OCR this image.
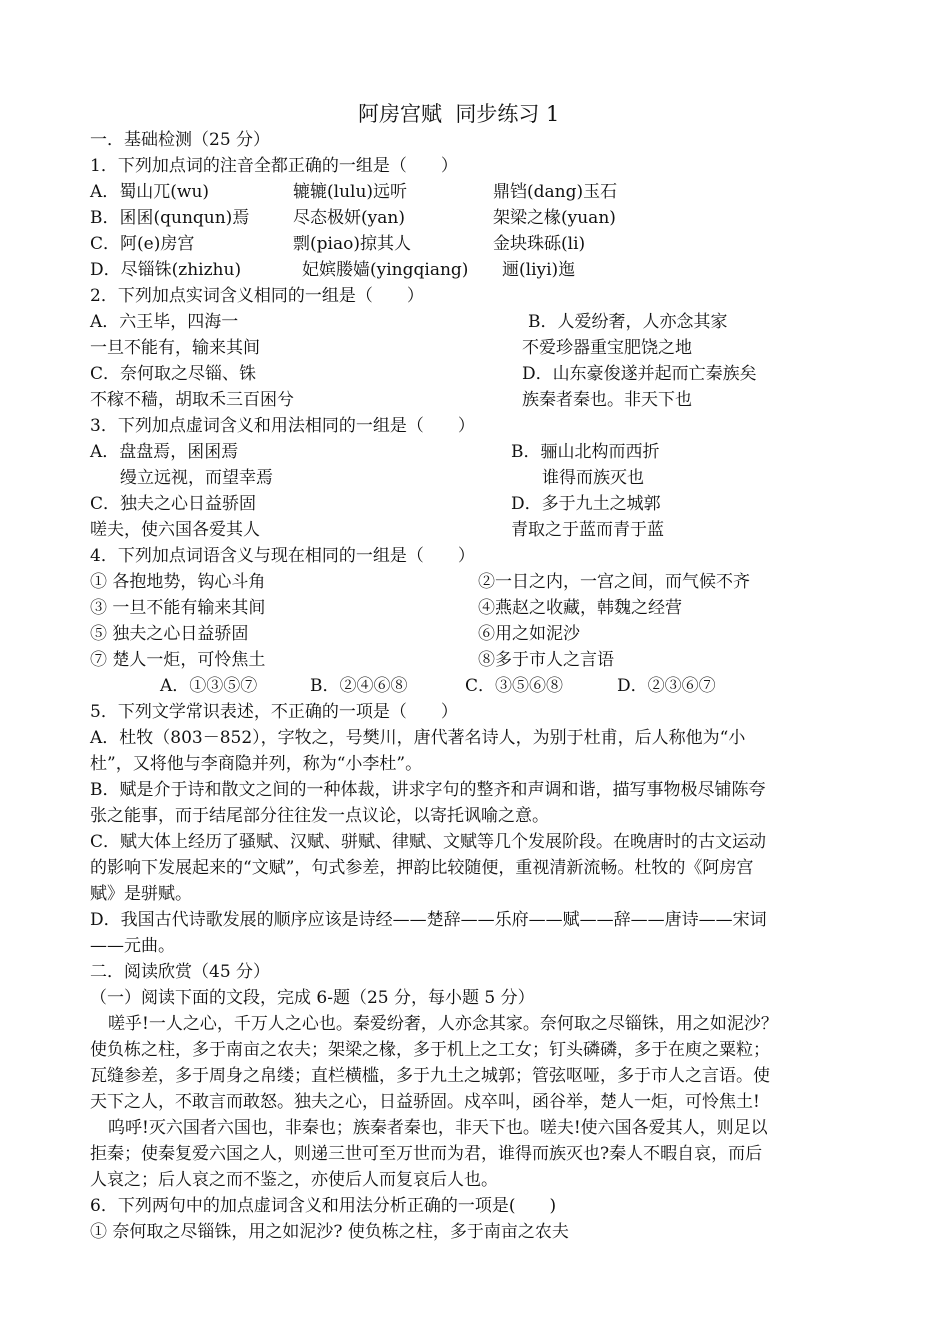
阿房宫赋  同步练习 1
一．基础检测（25 分）
1．下列加点词的注音全都正确的一组是（　　）
A．蜀山兀(wu)	辘辘(lulu)远听	鼎铛(dang)玉石
B．囷囷(qunqun)焉	尽态极妍(yan)	架梁之椽(yuan)
C．阿(e)房宫	剽(piao)掠其人	金块珠砾(li)
D．尽锱铢(zhizhu)	妃嫔媵嫱(yingqiang) 逦(liyi)迤
2．下列加点实词含义相同的一组是（　　）
A．六王毕，四海一	B．人爱纷奢，人亦念其家
一旦不能有，输来其间	不爱珍器重宝肥饶之地
C．奈何取之尽锱、铢	D．山东豪俊遂并起而亡秦族矣
不稼不穑，胡取禾三百困兮	族秦者秦也。非天下也
3．下列加点虚词含义和用法相同的一组是（　　）
A．盘盘焉，囷囷焉	B．骊山北构而西折
缦立远视，而望幸焉	谁得而族灭也
C．独夫之心日益骄固	D．多于九土之城郭
嗟夫，使六国各爱其人	青取之于蓝而青于蓝
4．下列加点词语含义与现在相同的一组是（　　）
① 各抱地势，钩心斗角	②一日之内，一宫之间，而气候不齐
③ 一旦不能有输来其间	④燕赵之收藏，韩魏之经营
⑤ 独夫之心日益骄固	⑥用之如泥沙
⑦ 楚人一炬，可怜焦土	⑧多于市人之言语
A．①③⑤⑦	B．②④⑥⑧	C．③⑤⑥⑧	D．②③⑥⑦
5．下列文学常识表述，不正确的一项是（　　）
A．杜牧（803－852），字牧之，号樊川，唐代著名诗人，为别于杜甫，后人称他为“小
杜”，又将他与李商隐并列，称为“小李杜”。
B．赋是介于诗和散文之间的一种体裁，讲求字句的整齐和声调和谐，描写事物极尽铺陈夸
张之能事，而于结尾部分往往发一点议论，以寄托讽喻之意。
C．赋大体上经历了骚赋、汉赋、骈赋、律赋、文赋等几个发展阶段。在晚唐时的古文运动
的影响下发展起来的“文赋”，句式参差，押韵比较随便，重视清新流畅。杜牧的《阿房宫
赋》是骈赋。
D．我国古代诗歌发展的顺序应该是诗经——楚辞——乐府——赋——辞——唐诗——宋词
——元曲。
二．阅读欣赏（45 分）
（一）阅读下面的文段，完成 6-题（25 分，每小题 5 分）
嗟乎!一人之心，千万人之心也。秦爱纷奢，人亦念其家。奈何取之尽锱铢，用之如泥沙？
使负栋之柱，多于南亩之农夫；架梁之椽，多于机上之工女；钉头磷磷，多于在庾之粟粒；
瓦缝参差，多于周身之帛缕；直栏横槛，多于九土之城郭；管弦呕哑，多于市人之言语。使
天下之人，不敢言而敢怒。独夫之心，日益骄固。戍卒叫，函谷举，楚人一炬，可怜焦土!
呜呼!灭六国者六国也，非秦也；族秦者秦也，非天下也。嗟夫!使六国各爱其人，则足以
拒秦；使秦复爱六国之人，则递三世可至万世而为君，谁得而族灭也?秦人不暇自哀，而后
人哀之；后人哀之而不鉴之，亦使后人而复哀后人也。
6．下列两句中的加点虚词含义和用法分析正确的一项是(　　)
① 奈何取之尽锱铢，用之如泥沙? 使负栋之柱，多于南亩之农夫
